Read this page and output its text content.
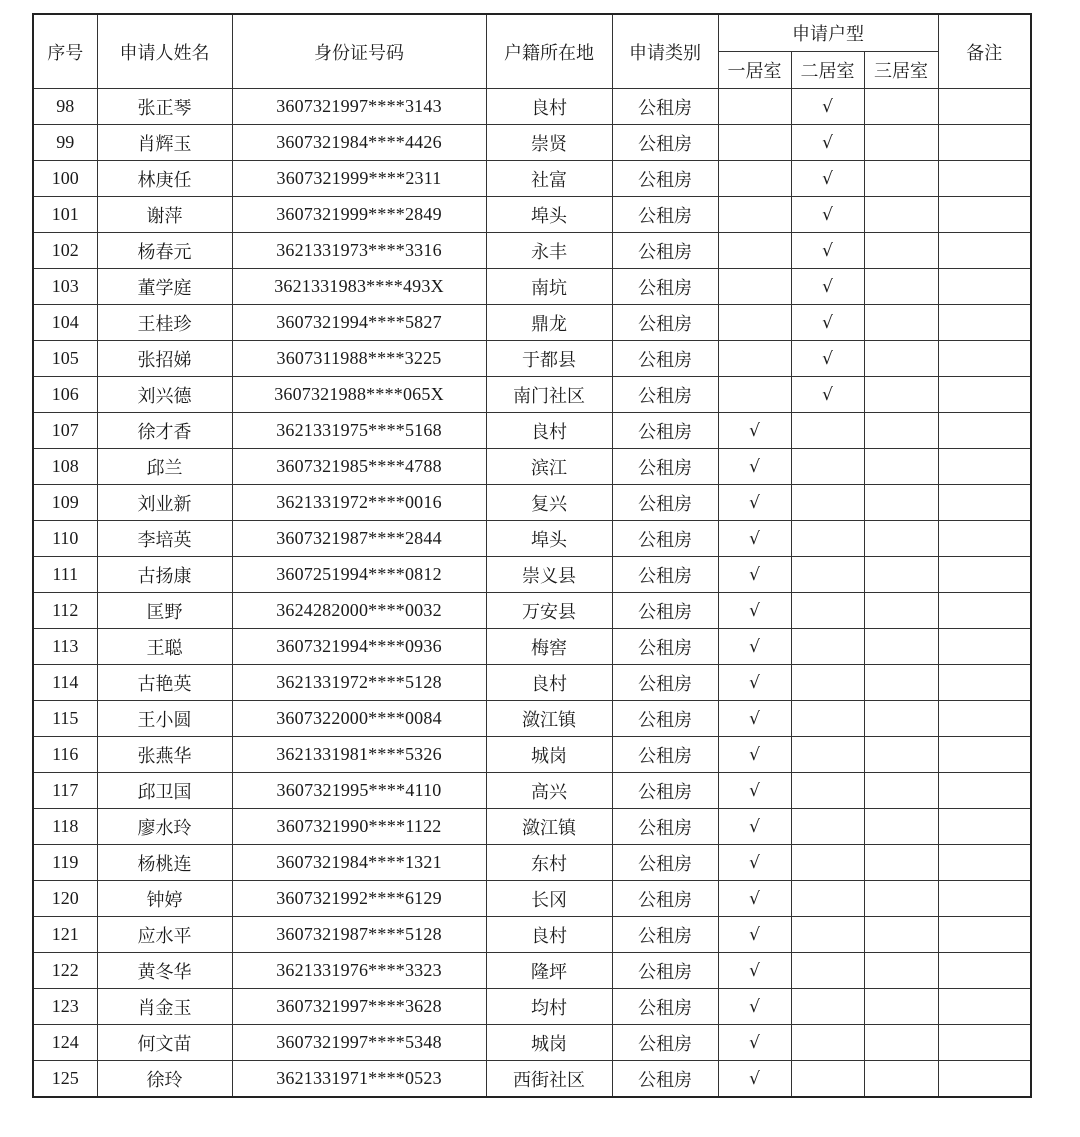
序号	申请人姓名	身份证号码	户籍所在地	申请类别	申请户型			备注
					一居室	二居室	三居室	
98	张正琴	3607321997****3143	良村	公租房		√		
99	肖辉玉	3607321984****4426	崇贤	公租房		√		
100	林庚任	3607321999****2311	社富	公租房		√		
101	谢萍	3607321999****2849	埠头	公租房		√		
102	杨春元	3621331973****3316	永丰	公租房		√		
103	董学庭	3621331983****493X	南坑	公租房		√		
104	王桂珍	3607321994****5827	鼎龙	公租房		√		
105	张招娣	3607311988****3225	于都县	公租房		√		
106	刘兴德	3607321988****065X	南门社区	公租房		√		
107	徐才香	3621331975****5168	良村	公租房	√			
108	邱兰	3607321985****4788	滨江	公租房	√			
109	刘业新	3621331972****0016	复兴	公租房	√			
110	李培英	3607321987****2844	埠头	公租房	√			
111	古扬康	3607251994****0812	崇义县	公租房	√			
112	匡野	3624282000****0032	万安县	公租房	√			
113	王聪	3607321994****0936	梅窖	公租房	√			
114	古艳英	3621331972****5128	良村	公租房	√			
115	王小圆	3607322000****0084	潋江镇	公租房	√			
116	张燕华	3621331981****5326	城岗	公租房	√			
117	邱卫国	3607321995****4110	高兴	公租房	√			
118	廖水玲	3607321990****1122	潋江镇	公租房	√			
119	杨桃连	3607321984****1321	东村	公租房	√			
120	钟婷	3607321992****6129	长冈	公租房	√			
121	应水平	3607321987****5128	良村	公租房	√			
122	黄冬华	3621331976****3323	隆坪	公租房	√			
123	肖金玉	3607321997****3628	均村	公租房	√			
124	何文苗	3607321997****5348	城岗	公租房	√			
125	徐玲	3621331971****0523	西街社区	公租房	√			
